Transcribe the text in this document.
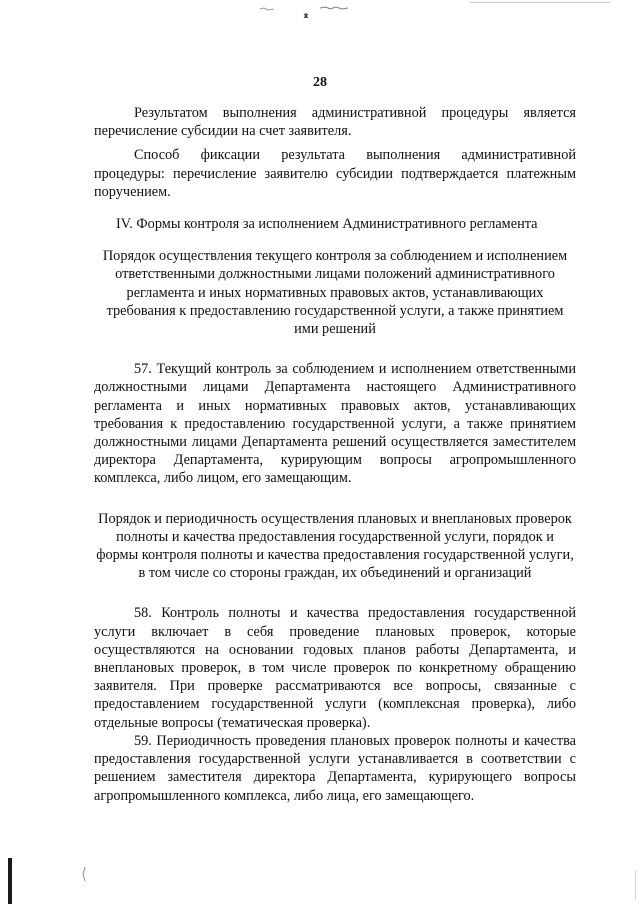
28

Результатом выполнения административной процедуры является перечисление субсидии на счет заявителя.

Способ фиксации результата выполнения административной процедуры: перечисление заявителю субсидии подтверждается платежным поручением.

IV. Формы контроля за исполнением Административного регламента

Порядок осуществления текущего контроля за соблюдением и исполнением ответственными должностными лицами положений административного регламента и иных нормативных правовых актов, устанавливающих требования к предоставлению государственной услуги, а также принятием ими решений

57. Текущий контроль за соблюдением и исполнением ответственными должностными лицами Департамента настоящего Административного регламента и иных нормативных правовых актов, устанавливающих требования к предоставлению государственной услуги, а также принятием должностными лицами Департамента решений осуществляется заместителем директора Департамента, курирующим вопросы агропромышленного комплекса, либо лицом, его замещающим.

Порядок и периодичность осуществления плановых и внеплановых проверок полноты и качества предоставления государственной услуги, порядок и формы контроля полноты и качества предоставления государственной услуги, в том числе со стороны граждан, их объединений и организаций

58. Контроль полноты и качества предоставления государственной услуги включает в себя проведение плановых проверок, которые осуществляются на основании годовых планов работы Департамента, и внеплановых проверок, в том числе проверок по конкретному обращению заявителя. При проверке рассматриваются все вопросы, связанные с предоставлением государственной услуги (комплексная проверка), либо отдельные вопросы (тематическая проверка).

59. Периодичность проведения плановых проверок полноты и качества предоставления государственной услуги устанавливается в соответствии с решением заместителя директора Департамента, курирующего вопросы агропромышленного комплекса, либо лица, его замещающего.
